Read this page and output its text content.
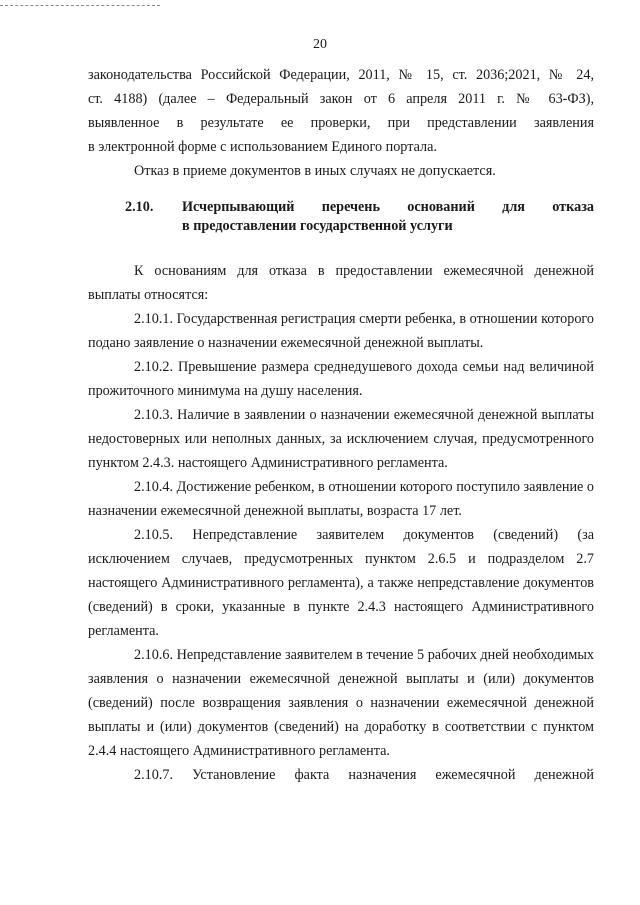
20

законодательства Российской Федерации, 2011, № 15, ст. 2036;2021, № 24,

ст. 4188) (далее – Федеральный закон от 6 апреля 2011 г. № 63-ФЗ),

выявленное в результате ее проверки, при представлении заявления

в электронной форме с использованием Единого портала.

Отказ в приеме документов в иных случаях не допускается.

2.10. Исчерпывающий перечень оснований для отказа
в предоставлении государственной услуги

К основаниям для отказа в предоставлении ежемесячной денежной выплаты относятся:

2.10.1. Государственная регистрация смерти ребенка, в отношении которого подано заявление о назначении ежемесячной денежной выплаты.

2.10.2. Превышение размера среднедушевого дохода семьи над величиной прожиточного минимума на душу населения.

2.10.3. Наличие в заявлении о назначении ежемесячной денежной выплаты недостоверных или неполных данных, за исключением случая, предусмотренного пунктом 2.4.3. настоящего Административного регламента.

2.10.4. Достижение ребенком, в отношении которого поступило заявление о назначении ежемесячной денежной выплаты, возраста 17 лет.

2.10.5. Непредставление заявителем документов (сведений) (за исключением случаев, предусмотренных пунктом 2.6.5 и подразделом 2.7 настоящего Административного регламента), а также непредставление документов (сведений) в сроки, указанные в пункте 2.4.3 настоящего Административного регламента.

2.10.6. Непредставление заявителем в течение 5 рабочих дней необходимых заявления о назначении ежемесячной денежной выплаты и (или) документов (сведений) после возвращения заявления о назначении ежемесячной денежной выплаты и (или) документов (сведений) на доработку в соответствии с пунктом 2.4.4 настоящего Административного регламента.

2.10.7. Установление факта назначения ежемесячной денежной
